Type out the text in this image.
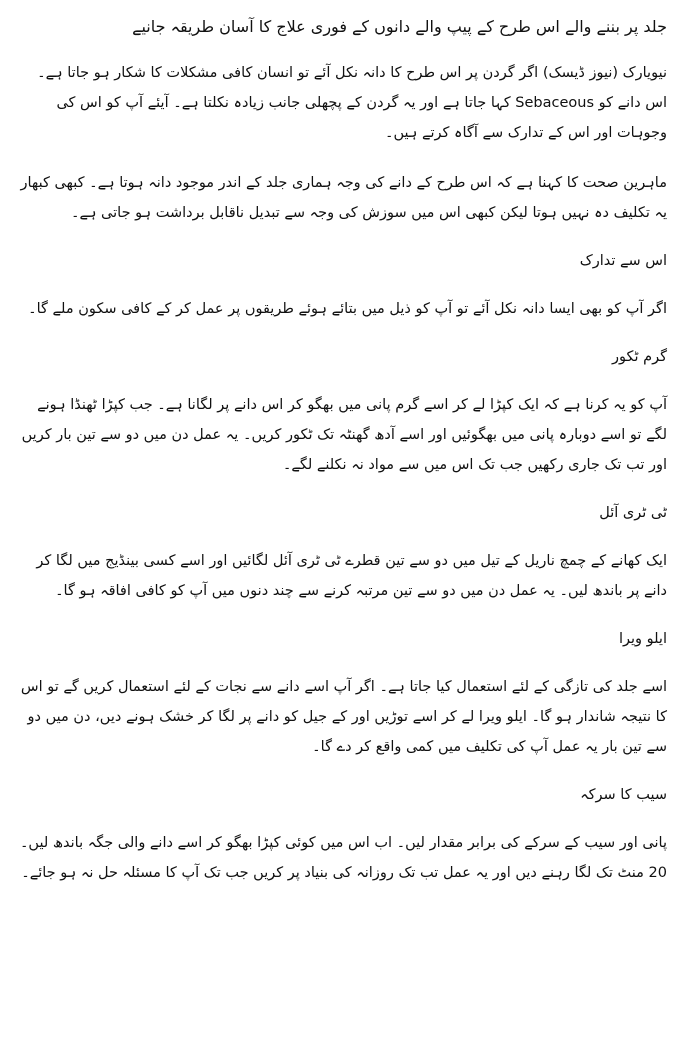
جلد پر بننے والے اس طرح کے پیپ والے دانوں کے فوری علاج کا آسان طریقہ جانیے

نیویارک (نیوز ڈیسک) اگر گردن پر اس طرح کا دانہ نکل آئے تو انسان کافی مشکلات کا شکار ہو جاتا ہے۔ اس دانے کو Sebaceous کہا جاتا ہے اور یہ گردن کے پچھلی جانب زیادہ نکلتا ہے۔ آیئے آپ کو اس کی وجوہات اور اس کے تدارک سے آگاہ کرتے ہیں۔

ماہرین صحت کا کہنا ہے کہ اس طرح کے دانے کی وجہ ہماری جلد کے اندر موجود دانہ ہوتا ہے۔ کبھی کبھار یہ تکلیف دہ نہیں ہوتا لیکن کبھی اس میں سوزش کی وجہ سے تبدیل ناقابل برداشت ہو جاتی ہے۔

اس سے تدارک

اگر آپ کو بھی ایسا دانہ نکل آئے تو آپ کو ذیل میں بتائے ہوئے طریقوں پر عمل کر کے کافی سکون ملے گا۔

گرم ٹکور

آپ کو یہ کرنا ہے کہ ایک کپڑا لے کر اسے گرم پانی میں بھگو کر اس دانے پر لگانا ہے۔ جب کپڑا ٹھنڈا ہونے لگے تو اسے دوبارہ پانی میں بھگوئیں اور اسے آدھ گھنٹہ تک ٹکور کریں۔ یہ عمل دن میں دو سے تین بار کریں اور تب تک جاری رکھیں جب تک اس میں سے مواد نہ نکلنے لگے۔

ٹی ٹری آئل

ایک کھانے کے چمچ ناریل کے تیل میں دو سے تین قطرے ٹی ٹری آئل لگائیں اور اسے کسی بینڈیج میں لگا کر دانے پر باندھ لیں۔ یہ عمل دن میں دو سے تین مرتبہ کرنے سے چند دنوں میں آپ کو کافی افاقہ ہو گا۔

ایلو ویرا

اسے جلد کی تازگی کے لئے استعمال کیا جاتا ہے۔ اگر آپ اسے دانے سے نجات کے لئے استعمال کریں گے تو اس کا نتیجہ شاندار ہو گا۔ ایلو ویرا لے کر اسے توڑیں اور کے جیل کو دانے پر لگا کر خشک ہونے دیں، دن میں دو سے تین بار یہ عمل آپ کی تکلیف میں کمی واقع کر دے گا۔

سیب کا سرکہ

پانی اور سیب کے سرکے کی برابر مقدار لیں۔ اب اس میں کوئی کپڑا بھگو کر اسے دانے والی جگہ باندھ لیں۔ 20 منٹ تک لگا رہنے دیں اور یہ عمل تب تک روزانہ کی بنیاد پر کریں جب تک آپ کا مسئلہ حل نہ ہو جائے۔
